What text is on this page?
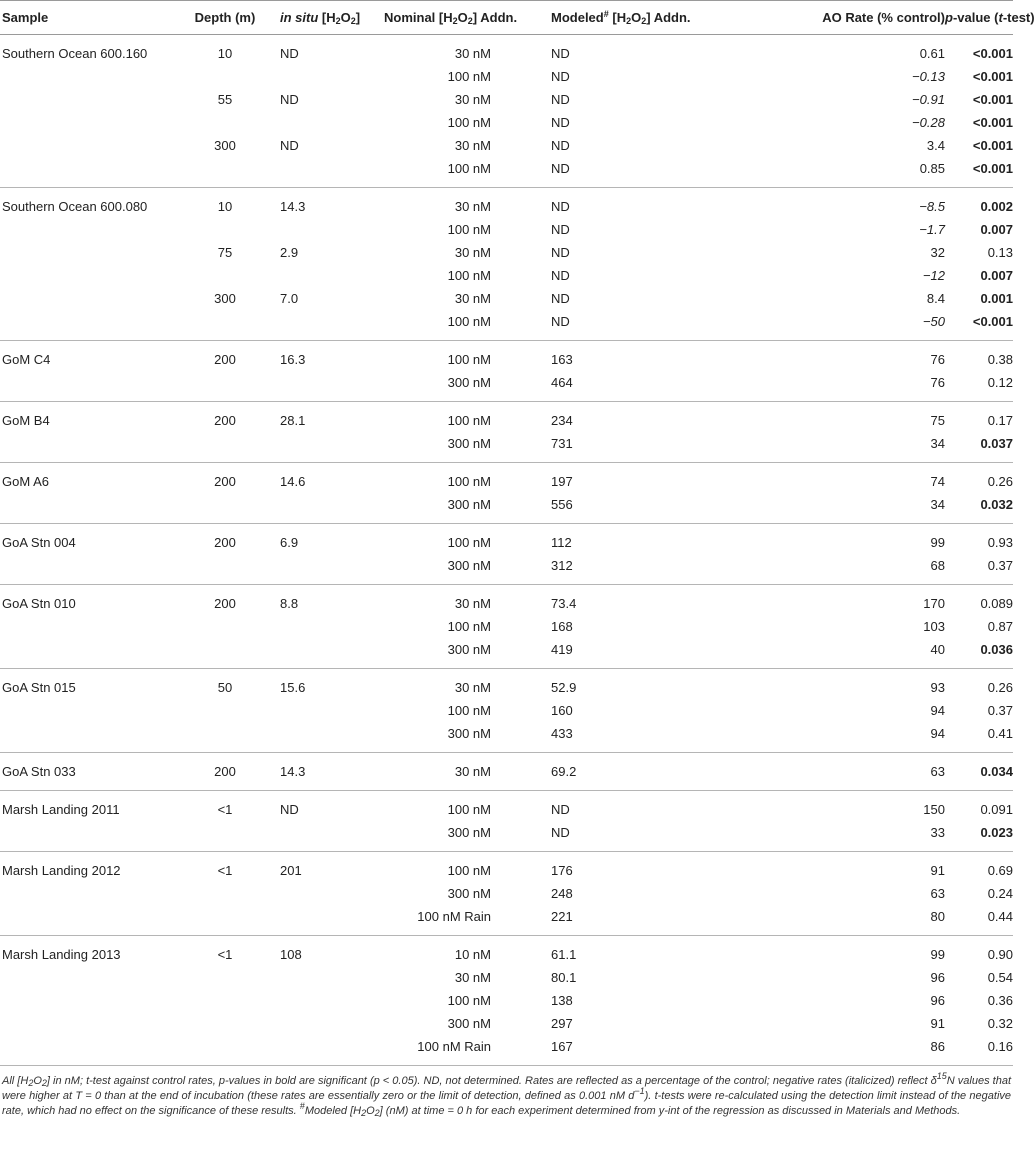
Sample	Depth (m)	in situ $[H_2O_2]$	Nominal $[H_2O_2]$ Addn.	Modeled# $[H_2O_2]$ Addn.	AO Rate (% control)	p-value (t-test)
Southern Ocean 600.160	10	ND	30 nM	ND	0.61	<0.001
			100 nM	ND	−0.13	<0.001
	55	ND	30 nM	ND	−0.91	<0.001
			100 nM	ND	−0.28	<0.001
	300	ND	30 nM	ND	3.4	<0.001
			100 nM	ND	0.85	<0.001
Southern Ocean 600.080	10	14.3	30 nM	ND	−8.5	0.002
			100 nM	ND	−1.7	0.007
	75	2.9	30 nM	ND	32	0.13
			100 nM	ND	−12	0.007
	300	7.0	30 nM	ND	8.4	0.001
			100 nM	ND	−50	<0.001
GoM C4	200	16.3	100 nM	163	76	0.38
			300 nM	464	76	0.12
GoM B4	200	28.1	100 nM	234	75	0.17
			300 nM	731	34	0.037
GoM A6	200	14.6	100 nM	197	74	0.26
			300 nM	556	34	0.032
GoA Stn 004	200	6.9	100 nM	112	99	0.93
			300 nM	312	68	0.37
GoA Stn 010	200	8.8	30 nM	73.4	170	0.089
			100 nM	168	103	0.87
			300 nM	419	40	0.036
GoA Stn 015	50	15.6	30 nM	52.9	93	0.26
			100 nM	160	94	0.37
			300 nM	433	94	0.41
GoA Stn 033	200	14.3	30 nM	69.2	63	0.034
Marsh Landing 2011	<1	ND	100 nM	ND	150	0.091
			300 nM	ND	33	0.023
Marsh Landing 2012	<1	201	100 nM	176	91	0.69
			300 nM	248	63	0.24
			100 nM Rain	221	80	0.44
Marsh Landing 2013	<1	108	10 nM	61.1	99	0.90
			30 nM	80.1	96	0.54
			100 nM	138	96	0.36
			300 nM	297	91	0.32
			100 nM Rain	167	86	0.16
All $[H_2O_2]$ in nM; t-test against control rates, p-values in bold are significant (p < 0.05). ND, not determined. Rates are reflected as a percentage of the control; negative rates (italicized) reflect $\delta^{15}N$ values that were higher at T = 0 than at the end of incubation (these rates are essentially zero or the limit of detection, defined as 0.001 nM $d^{-1}$). t-tests were re-calculated using the detection limit instead of the negative rate, which had no effect on the significance of these results. #Modeled $[H_2O_2]$ (nM) at time = 0 h for each experiment determined from y-int of the regression as discussed in Materials and Methods.
